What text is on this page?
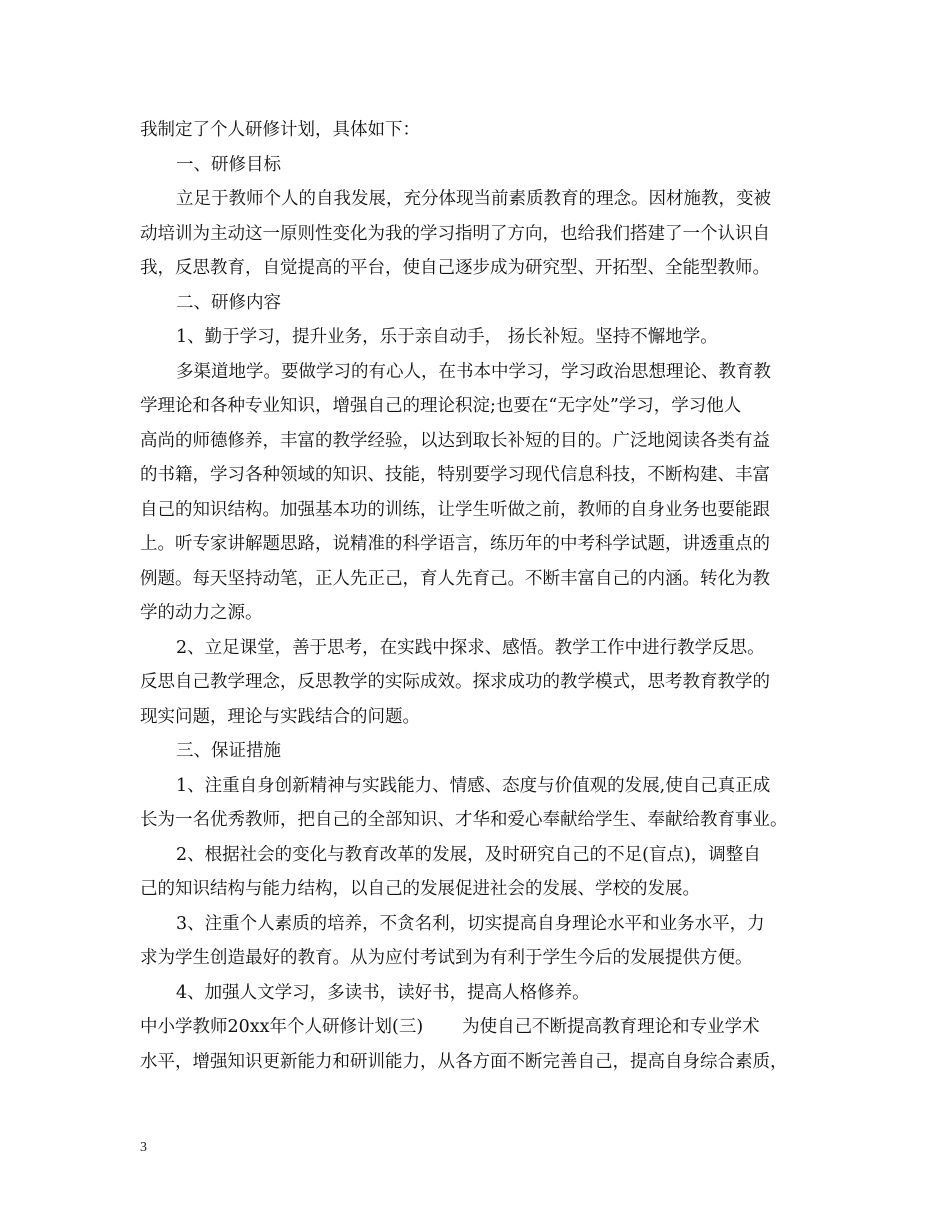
我制定了个人研修计划，具体如下：
一、研修目标
立足于教师个人的自我发展，充分体现当前素质教育的理念。因材施教，变被
动培训为主动这一原则性变化为我的学习指明了方向，也给我们搭建了一个认识自
我，反思教育，自觉提高的平台，使自己逐步成为研究型、开拓型、全能型教师。
二、研修内容
1、勤于学习，提升业务，乐于亲自动手， 扬长补短。坚持不懈地学。
多渠道地学。要做学习的有心人，在书本中学习，学习政治思想理论、教育教
学理论和各种专业知识，增强自己的理论积淀;也要在“无字处”学习，学习他人
高尚的师德修养，丰富的教学经验，以达到取长补短的目的。广泛地阅读各类有益
的书籍，学习各种领域的知识、技能，特别要学习现代信息科技，不断构建、丰富
自己的知识结构。加强基本功的训练，让学生听做之前，教师的自身业务也要能跟
上。听专家讲解题思路，说精准的科学语言，练历年的中考科学试题，讲透重点的
例题。每天坚持动笔，正人先正己，育人先育己。不断丰富自己的内涵。转化为教
学的动力之源。
2、立足课堂，善于思考，在实践中探求、感悟。教学工作中进行教学反思。
反思自己教学理念，反思教学的实际成效。探求成功的教学模式，思考教育教学的
现实问题，理论与实践结合的问题。
三、保证措施
1、注重自身创新精神与实践能力、情感、态度与价值观的发展,使自己真正成
长为一名优秀教师，把自己的全部知识、才华和爱心奉献给学生、奉献给教育事业。
2、根据社会的变化与教育改革的发展，及时研究自己的不足(盲点)，调整自
己的知识结构与能力结构，以自己的发展促进社会的发展、学校的发展。
3、注重个人素质的培养，不贪名利，切实提高自身理论水平和业务水平，力
求为学生创造最好的教育。从为应付考试到为有利于学生今后的发展提供方便。
4、加强人文学习，多读书，读好书，提高人格修养。
中小学教师20xx年个人研修计划(三)       为使自己不断提高教育理论和专业学术
水平，增强知识更新能力和研训能力，从各方面不断完善自己，提高自身综合素质，
3
